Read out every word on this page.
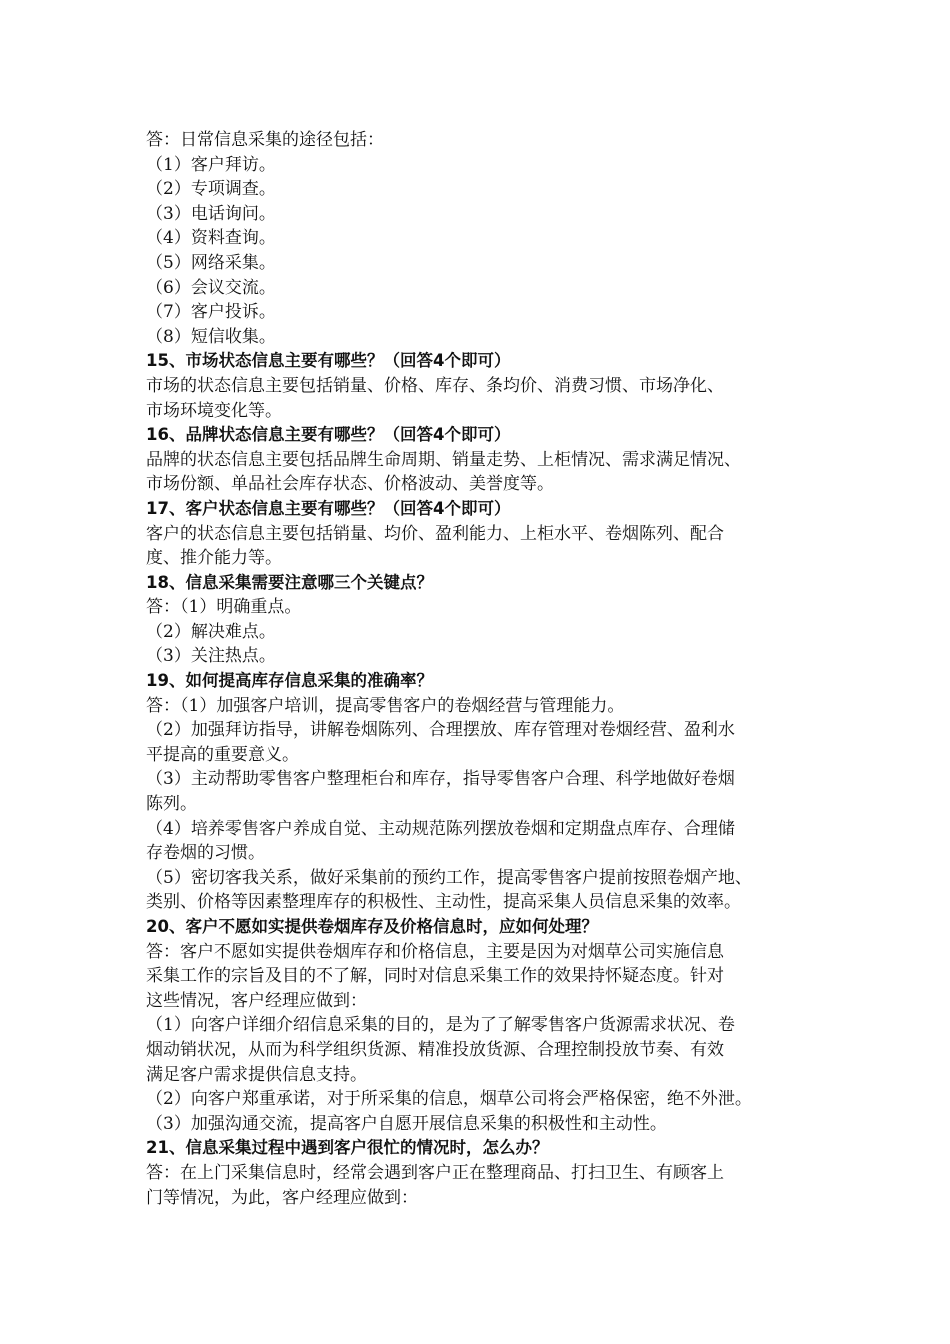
答：日常信息采集的途径包括：
（1）客户拜访。
（2）专项调查。
（3）电话询问。
（4）资料查询。
（5）网络采集。
（6）会议交流。
（7）客户投诉。
（8）短信收集。
15、市场状态信息主要有哪些？（回答4个即可）
市场的状态信息主要包括销量、价格、库存、条均价、消费习惯、市场净化、
市场环境变化等。
16、品牌状态信息主要有哪些？（回答4个即可）
品牌的状态信息主要包括品牌生命周期、销量走势、上柜情况、需求满足情况、
市场份额、单品社会库存状态、价格波动、美誉度等。
17、客户状态信息主要有哪些？（回答4个即可）
客户的状态信息主要包括销量、均价、盈利能力、上柜水平、卷烟陈列、配合
度、推介能力等。
18、信息采集需要注意哪三个关键点？
答：（1）明确重点。
（2）解决难点。
（3）关注热点。
19、如何提高库存信息采集的准确率？
答：（1）加强客户培训，提高零售客户的卷烟经营与管理能力。
（2）加强拜访指导，讲解卷烟陈列、合理摆放、库存管理对卷烟经营、盈利水
平提高的重要意义。
（3）主动帮助零售客户整理柜台和库存，指导零售客户合理、科学地做好卷烟
陈列。
（4）培养零售客户养成自觉、主动规范陈列摆放卷烟和定期盘点库存、合理储
存卷烟的习惯。
（5）密切客我关系，做好采集前的预约工作，提高零售客户提前按照卷烟产地、
类别、价格等因素整理库存的积极性、主动性，提高采集人员信息采集的效率。
20、客户不愿如实提供卷烟库存及价格信息时，应如何处理？
答：客户不愿如实提供卷烟库存和价格信息，主要是因为对烟草公司实施信息
采集工作的宗旨及目的不了解，同时对信息采集工作的效果持怀疑态度。针对
这些情况，客户经理应做到：
（1）向客户详细介绍信息采集的目的，是为了了解零售客户货源需求状况、卷
烟动销状况，从而为科学组织货源、精准投放货源、合理控制投放节奏、有效
满足客户需求提供信息支持。
（2）向客户郑重承诺，对于所采集的信息，烟草公司将会严格保密，绝不外泄。
（3）加强沟通交流，提高客户自愿开展信息采集的积极性和主动性。
21、信息采集过程中遇到客户很忙的情况时，怎么办？
答：在上门采集信息时，经常会遇到客户正在整理商品、打扫卫生、有顾客上
门等情况，为此，客户经理应做到：
